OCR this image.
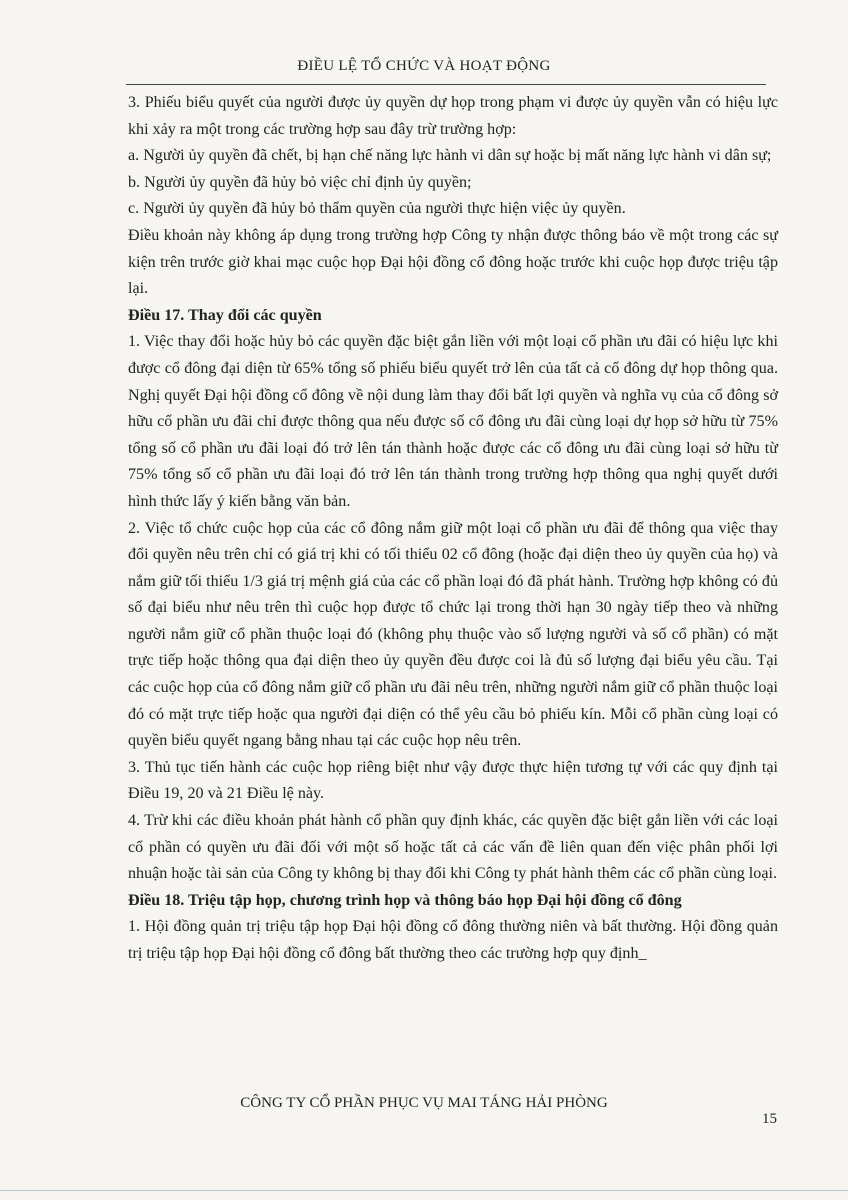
ĐIỀU LỆ TỔ CHỨC VÀ HOẠT ĐỘNG

3. Phiếu biểu quyết của người được ủy quyền dự họp trong phạm vi được ủy quyền vẫn có hiệu lực khi xảy ra một trong các trường hợp sau đây trừ trường hợp:

a. Người ủy quyền đã chết, bị hạn chế năng lực hành vi dân sự hoặc bị mất năng lực hành vi dân sự;

b. Người ủy quyền đã hủy bỏ việc chỉ định ủy quyền;

c. Người ủy quyền đã hủy bỏ thẩm quyền của người thực hiện việc ủy quyền.

Điều khoản này không áp dụng trong trường hợp Công ty nhận được thông báo về một trong các sự kiện trên trước giờ khai mạc cuộc họp Đại hội đồng cổ đông hoặc trước khi cuộc họp được triệu tập lại.

Điều 17. Thay đổi các quyền

1. Việc thay đổi hoặc hủy bỏ các quyền đặc biệt gắn liền với một loại cổ phần ưu đãi có hiệu lực khi được cổ đông đại diện từ 65% tổng số phiếu biểu quyết trở lên của tất cả cổ đông dự họp thông qua. Nghị quyết Đại hội đồng cổ đông về nội dung làm thay đổi bất lợi quyền và nghĩa vụ của cổ đông sở hữu cổ phần ưu đãi chỉ được thông qua nếu được số cổ đông ưu đãi cùng loại dự họp sở hữu từ 75% tổng số cổ phần ưu đãi loại đó trở lên tán thành hoặc được các cổ đông ưu đãi cùng loại sở hữu từ 75% tổng số cổ phần ưu đãi loại đó trở lên tán thành trong trường hợp thông qua nghị quyết dưới hình thức lấy ý kiến bằng văn bản.

2. Việc tổ chức cuộc họp của các cổ đông nắm giữ một loại cổ phần ưu đãi để thông qua việc thay đổi quyền nêu trên chỉ có giá trị khi có tối thiểu 02 cổ đông (hoặc đại diện theo ủy quyền của họ) và nắm giữ tối thiểu 1/3 giá trị mệnh giá của các cổ phần loại đó đã phát hành. Trường hợp không có đủ số đại biểu như nêu trên thì cuộc họp được tổ chức lại trong thời hạn 30 ngày tiếp theo và những người nắm giữ cổ phần thuộc loại đó (không phụ thuộc vào số lượng người và số cổ phần) có mặt trực tiếp hoặc thông qua đại diện theo ủy quyền đều được coi là đủ số lượng đại biểu yêu cầu. Tại các cuộc họp của cổ đông nắm giữ cổ phần ưu đãi nêu trên, những người nắm giữ cổ phần thuộc loại đó có mặt trực tiếp hoặc qua người đại diện có thể yêu cầu bỏ phiếu kín. Mỗi cổ phần cùng loại có quyền biểu quyết ngang bằng nhau tại các cuộc họp nêu trên.

3. Thủ tục tiến hành các cuộc họp riêng biệt như vậy được thực hiện tương tự với các quy định tại Điều 19, 20 và 21 Điều lệ này.

4. Trừ khi các điều khoản phát hành cổ phần quy định khác, các quyền đặc biệt gắn liền với các loại cổ phần có quyền ưu đãi đối với một số hoặc tất cả các vấn đề liên quan đến việc phân phối lợi nhuận hoặc tài sản của Công ty không bị thay đổi khi Công ty phát hành thêm các cổ phần cùng loại.

Điều 18. Triệu tập họp, chương trình họp và thông báo họp Đại hội đồng cổ đông

1. Hội đồng quản trị triệu tập họp Đại hội đồng cổ đông thường niên và bất thường. Hội đồng quản trị triệu tập họp Đại hội đồng cổ đông bất thường theo các trường hợp quy định_

CÔNG TY CỔ PHẦN PHỤC VỤ MAI TÁNG HẢI PHÒNG
15
